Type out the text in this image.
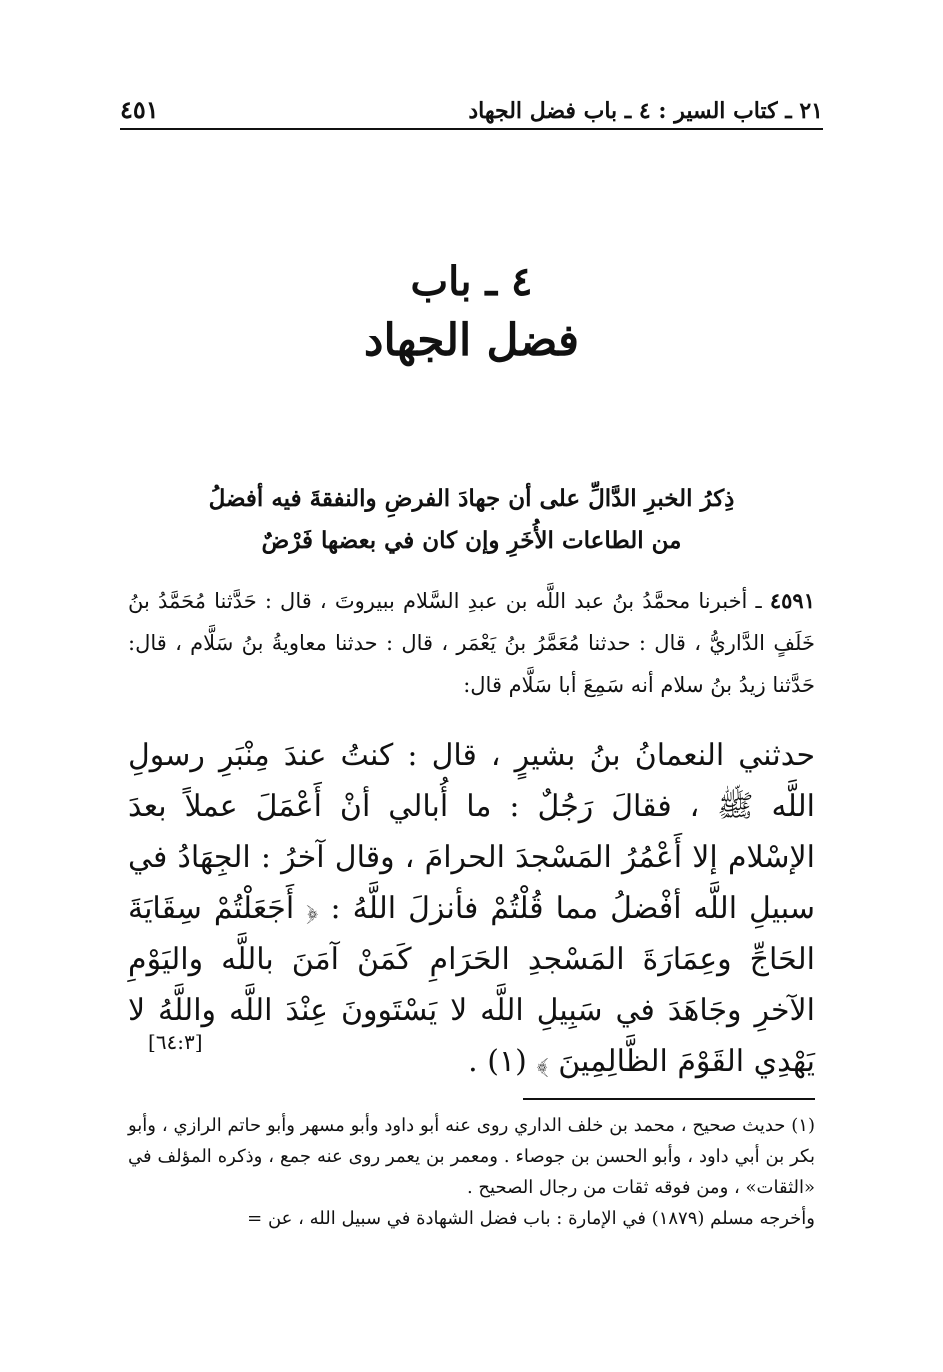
٢١ ـ كتاب السير : ٤ ـ باب فضل الجهاد
٤٥١
٤ ـ باب
فضل الجهاد
ذِكرُ الخبرِ الدَّالِّ على أن جهادَ الفرضِ والنفقةَ فيه أفضلُ
من الطاعات الأُخَرِ وإن كان في بعضها فَرْضٌ
٤٥٩١ ـ أخبرنا محمَّدُ بنُ عبد اللَّه بن عبدِ السَّلام ببيروتَ ، قال : حَدَّثنا مُحَمَّدُ بنُ خَلَفٍ الدَّاريُّ ، قال : حدثنا مُعَمَّرُ بنُ يَعْمَر ، قال : حدثنا معاويةُ بنُ سَلَّام ، قال: حَدَّثنا زيدُ بنُ سلام أنه سَمِعَ أبا سَلَّام قال:
حدثني النعمانُ بنُ بشيرٍ ، قال : كنتُ عندَ مِنْبَرِ رسولِ اللَّه ﷺ ، فقالَ رَجُلٌ : ما أُبالي أنْ أَعْمَلَ عملاً بعدَ الإسْلام إلا أَعْمُرُ المَسْجدَ الحرامَ ، وقال آخرُ : الجِهَادُ في سبيلِ اللَّه أفْضلُ مما قُلْتُمْ فأنزلَ اللَّهُ : ﴿ أَجَعَلْتُمْ سِقَايَةَ الحَاجِّ وعِمَارَةَ المَسْجدِ الحَرَامِ كَمَنْ آمَنَ باللَّه واليَوْمِ الآخرِ وجَاهَدَ في سَبِيلِ اللَّه لا يَسْتَوونَ عِنْدَ اللَّه واللَّهُ لا يَهْدِي القَوْمَ الظَّالِمِينَ ﴾ (١) .
[٦٤:٣]
(١) حديث صحيح ، محمد بن خلف الداري روى عنه أبو داود وأبو مسهر وأبو حاتم الرازي ، وأبو بكر بن أبي داود ، وأبو الحسن بن جوصاء . ومعمر بن يعمر روى عنه جمع ، وذكره المؤلف في «الثقات» ، ومن فوقه ثقات من رجال الصحيح .
وأخرجه مسلم (١٨٧٩) في الإمارة : باب فضل الشهادة في سبيل الله ، عن =
